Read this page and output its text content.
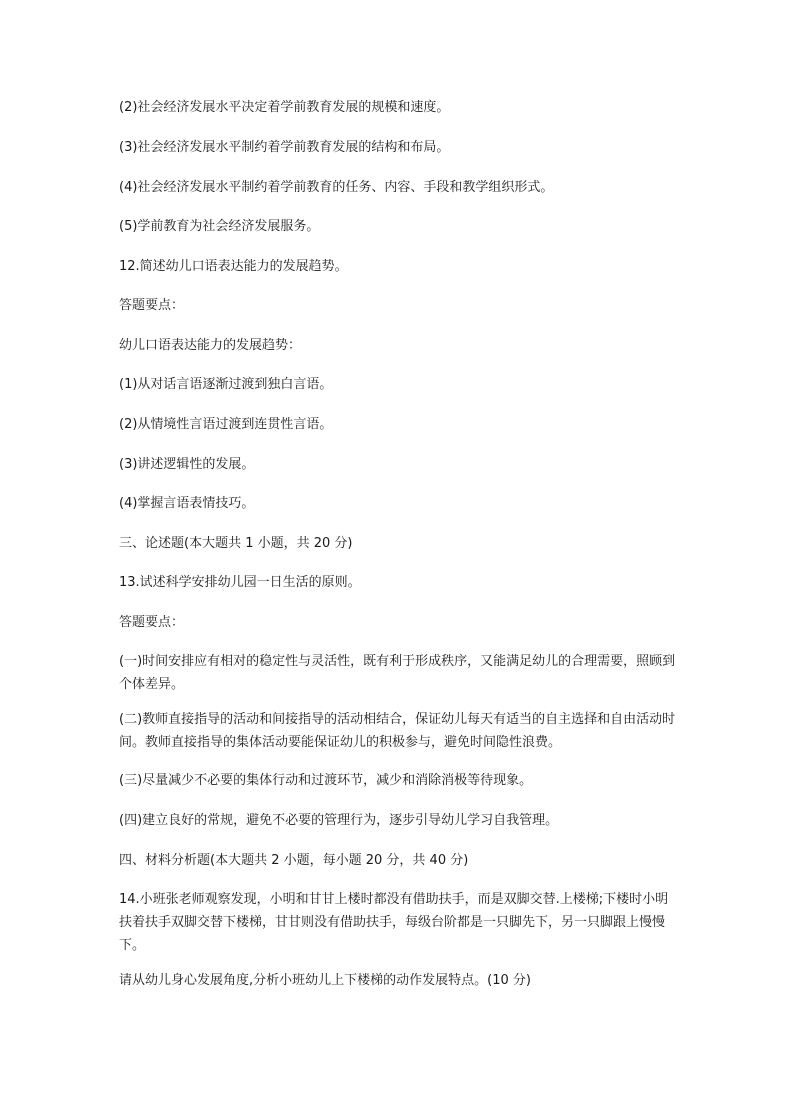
(2)社会经济发展水平决定着学前教育发展的规模和速度。

(3)社会经济发展水平制约着学前教育发展的结构和布局。

(4)社会经济发展水平制约着学前教育的任务、内容、手段和教学组织形式。

(5)学前教育为社会经济发展服务。

12.简述幼儿口语表达能力的发展趋势。

答题要点：

幼儿口语表达能力的发展趋势：

(1)从对话言语逐渐过渡到独白言语。

(2)从情境性言语过渡到连贯性言语。

(3)讲述逻辑性的发展。

(4)掌握言语表情技巧。

三、论述题(本大题共 1 小题，共 20 分)

13.试述科学安排幼儿园一日生活的原则。

答题要点：

(一)时间安排应有相对的稳定性与灵活性，既有利于形成秩序，又能满足幼儿的合理需要，照顾到个体差异。

(二)教师直接指导的活动和间接指导的活动相结合，保证幼儿每天有适当的自主选择和自由活动时间。教师直接指导的集体活动要能保证幼儿的积极参与，避免时间隐性浪费。

(三)尽量减少不必要的集体行动和过渡环节，减少和消除消极等待现象。

(四)建立良好的常规，避免不必要的管理行为，逐步引导幼儿学习自我管理。

四、材料分析题(本大题共 2 小题，每小题 20 分，共 40 分)

14.小班张老师观察发现，小明和甘甘上楼时都没有借助扶手，而是双脚交替.上楼梯;下楼时小明扶着扶手双脚交替下楼梯，甘甘则没有借助扶手，每级台阶都是一只脚先下，另一只脚跟上慢慢下。

请从幼儿身心发展角度,分析小班幼儿上下楼梯的动作发展特点。(10 分)
